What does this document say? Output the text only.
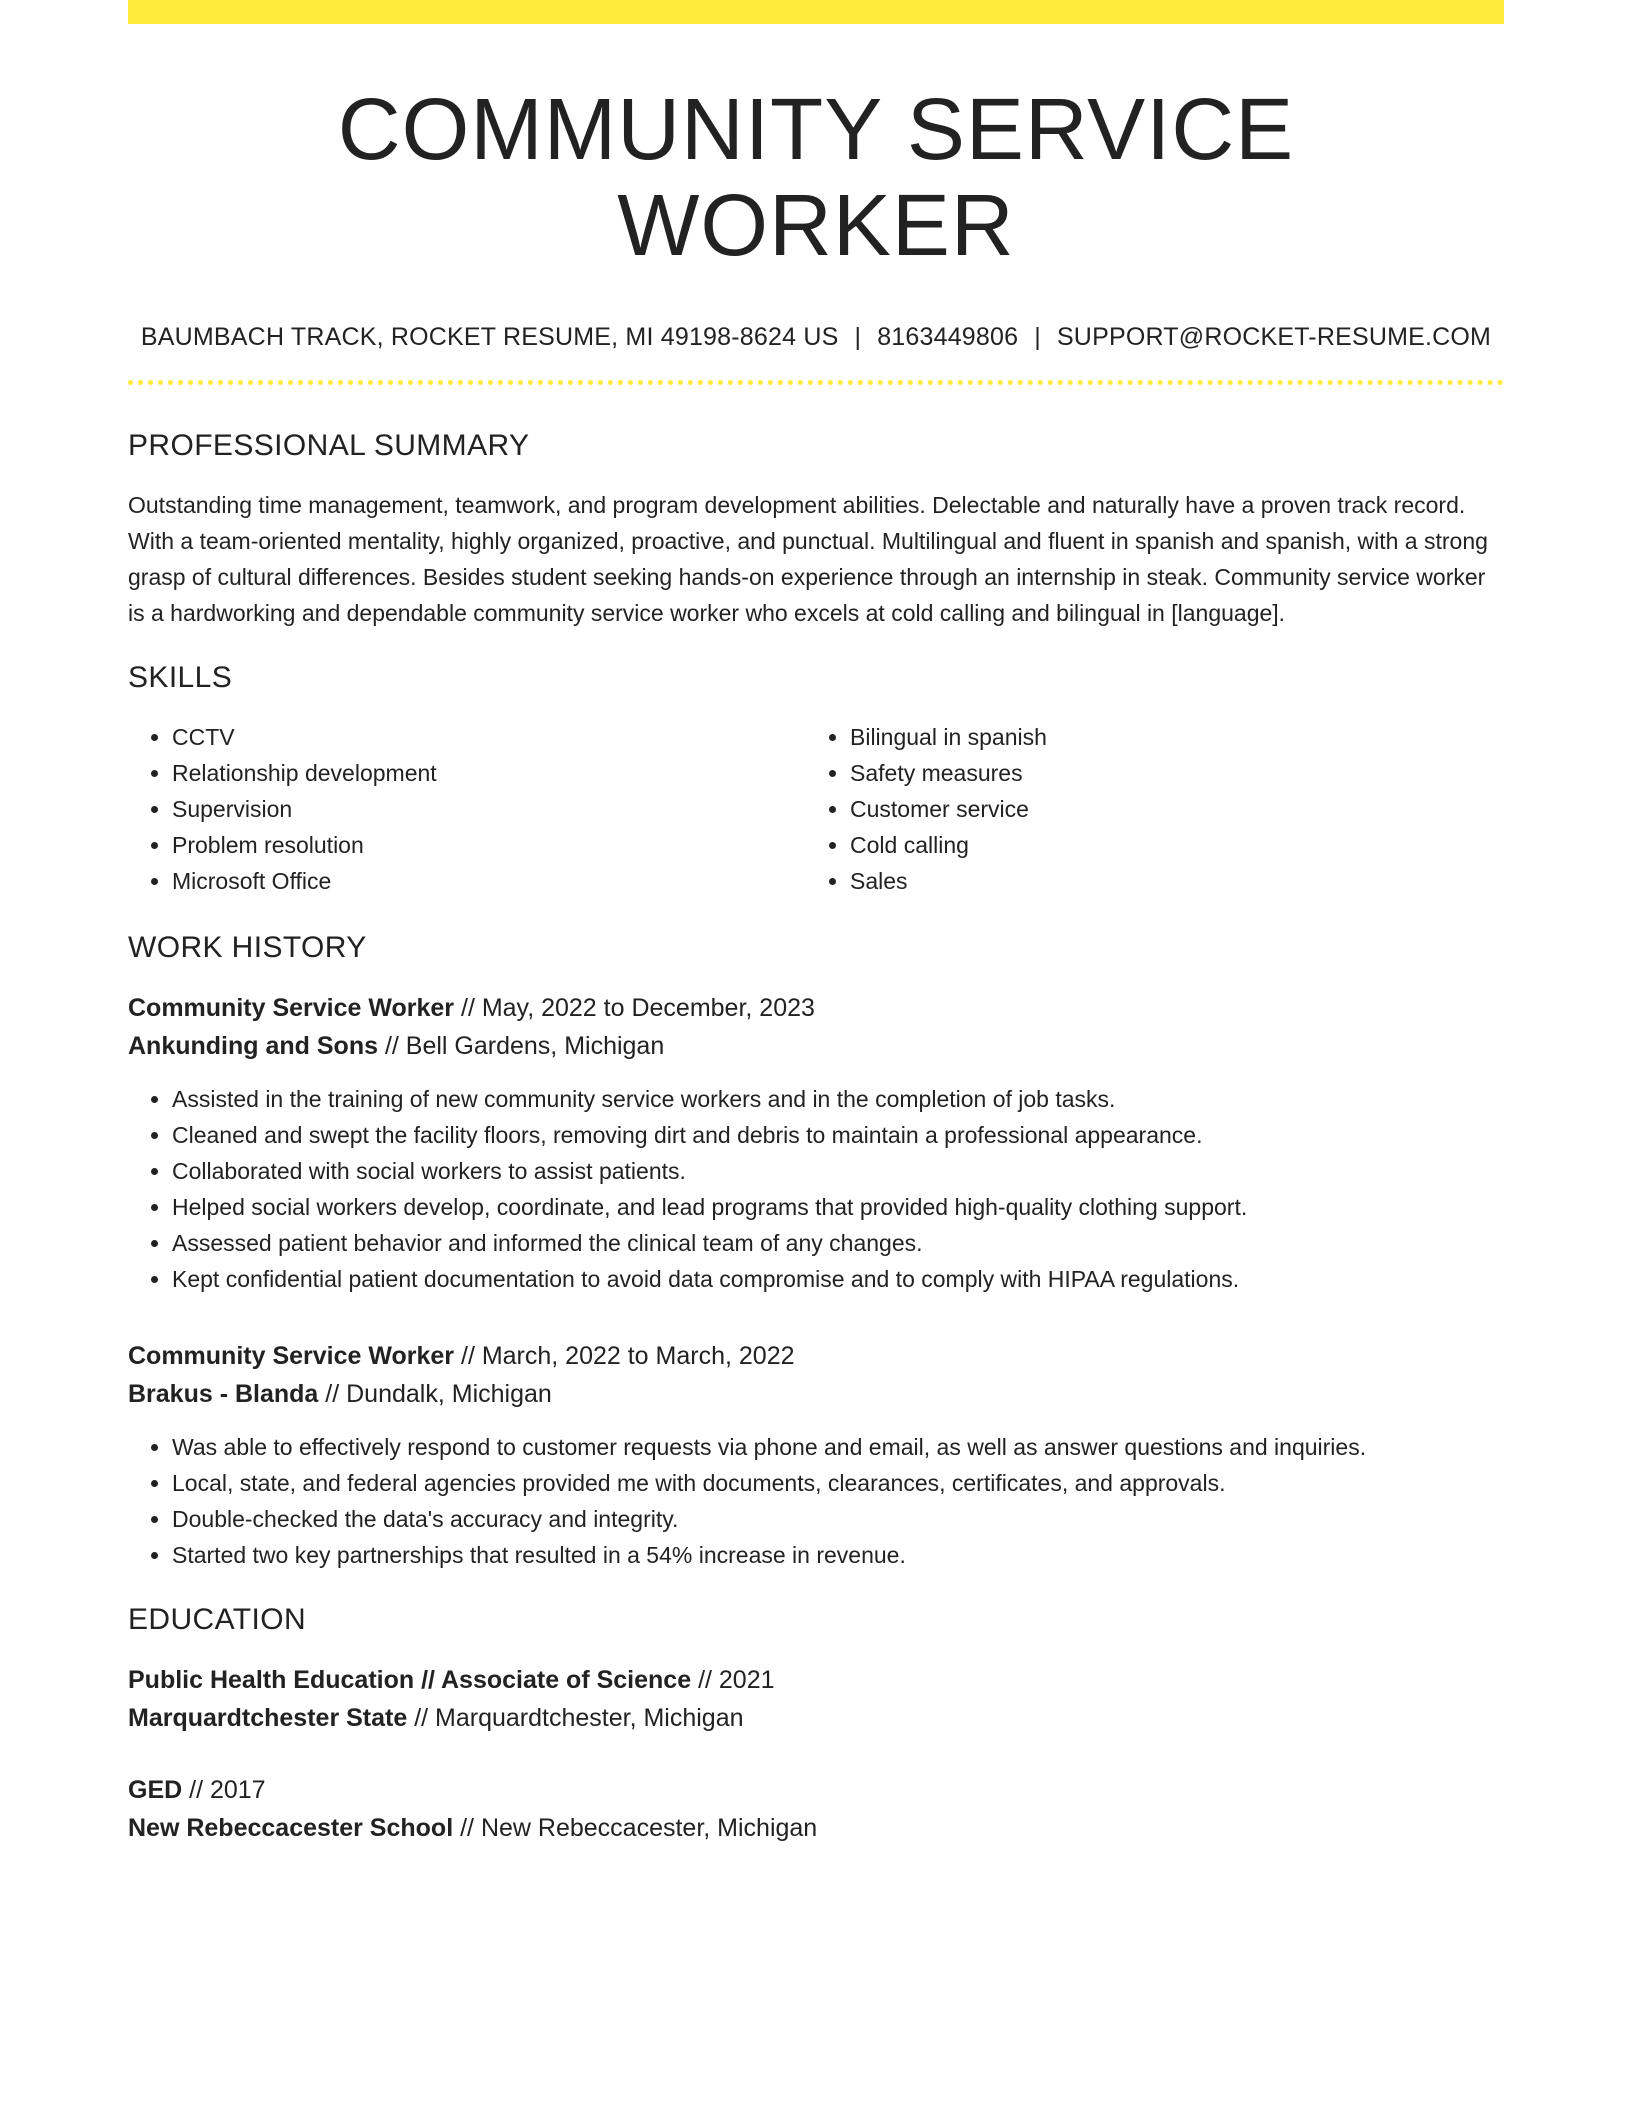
COMMUNITY SERVICE WORKER
BAUMBACH TRACK, ROCKET RESUME, MI 49198-8624 US | 8163449806 | SUPPORT@ROCKET-RESUME.COM
PROFESSIONAL SUMMARY

Outstanding time management, teamwork, and program development abilities. Delectable and naturally have a proven track record. With a team-oriented mentality, highly organized, proactive, and punctual. Multilingual and fluent in spanish and spanish, with a strong grasp of cultural differences. Besides student seeking hands-on experience through an internship in steak. Community service worker is a hardworking and dependable community service worker who excels at cold calling and bilingual in [language].

SKILLS
• CCTV
• Relationship development
• Supervision
• Problem resolution
• Microsoft Office
• Bilingual in spanish
• Safety measures
• Customer service
• Cold calling
• Sales
WORK HISTORY
Community Service Worker // May, 2022 to December, 2023
Ankunding and Sons // Bell Gardens, Michigan
• Assisted in the training of new community service workers and in the completion of job tasks.
• Cleaned and swept the facility floors, removing dirt and debris to maintain a professional appearance.
• Collaborated with social workers to assist patients.
• Helped social workers develop, coordinate, and lead programs that provided high-quality clothing support.
• Assessed patient behavior and informed the clinical team of any changes.
• Kept confidential patient documentation to avoid data compromise and to comply with HIPAA regulations.
Community Service Worker // March, 2022 to March, 2022
Brakus - Blanda // Dundalk, Michigan
• Was able to effectively respond to customer requests via phone and email, as well as answer questions and inquiries.
• Local, state, and federal agencies provided me with documents, clearances, certificates, and approvals.
• Double-checked the data's accuracy and integrity.
• Started two key partnerships that resulted in a 54% increase in revenue.
EDUCATION
Public Health Education // Associate of Science // 2021
Marquardtchester State // Marquardtchester, Michigan
GED // 2017
New Rebeccacester School // New Rebeccacester, Michigan
